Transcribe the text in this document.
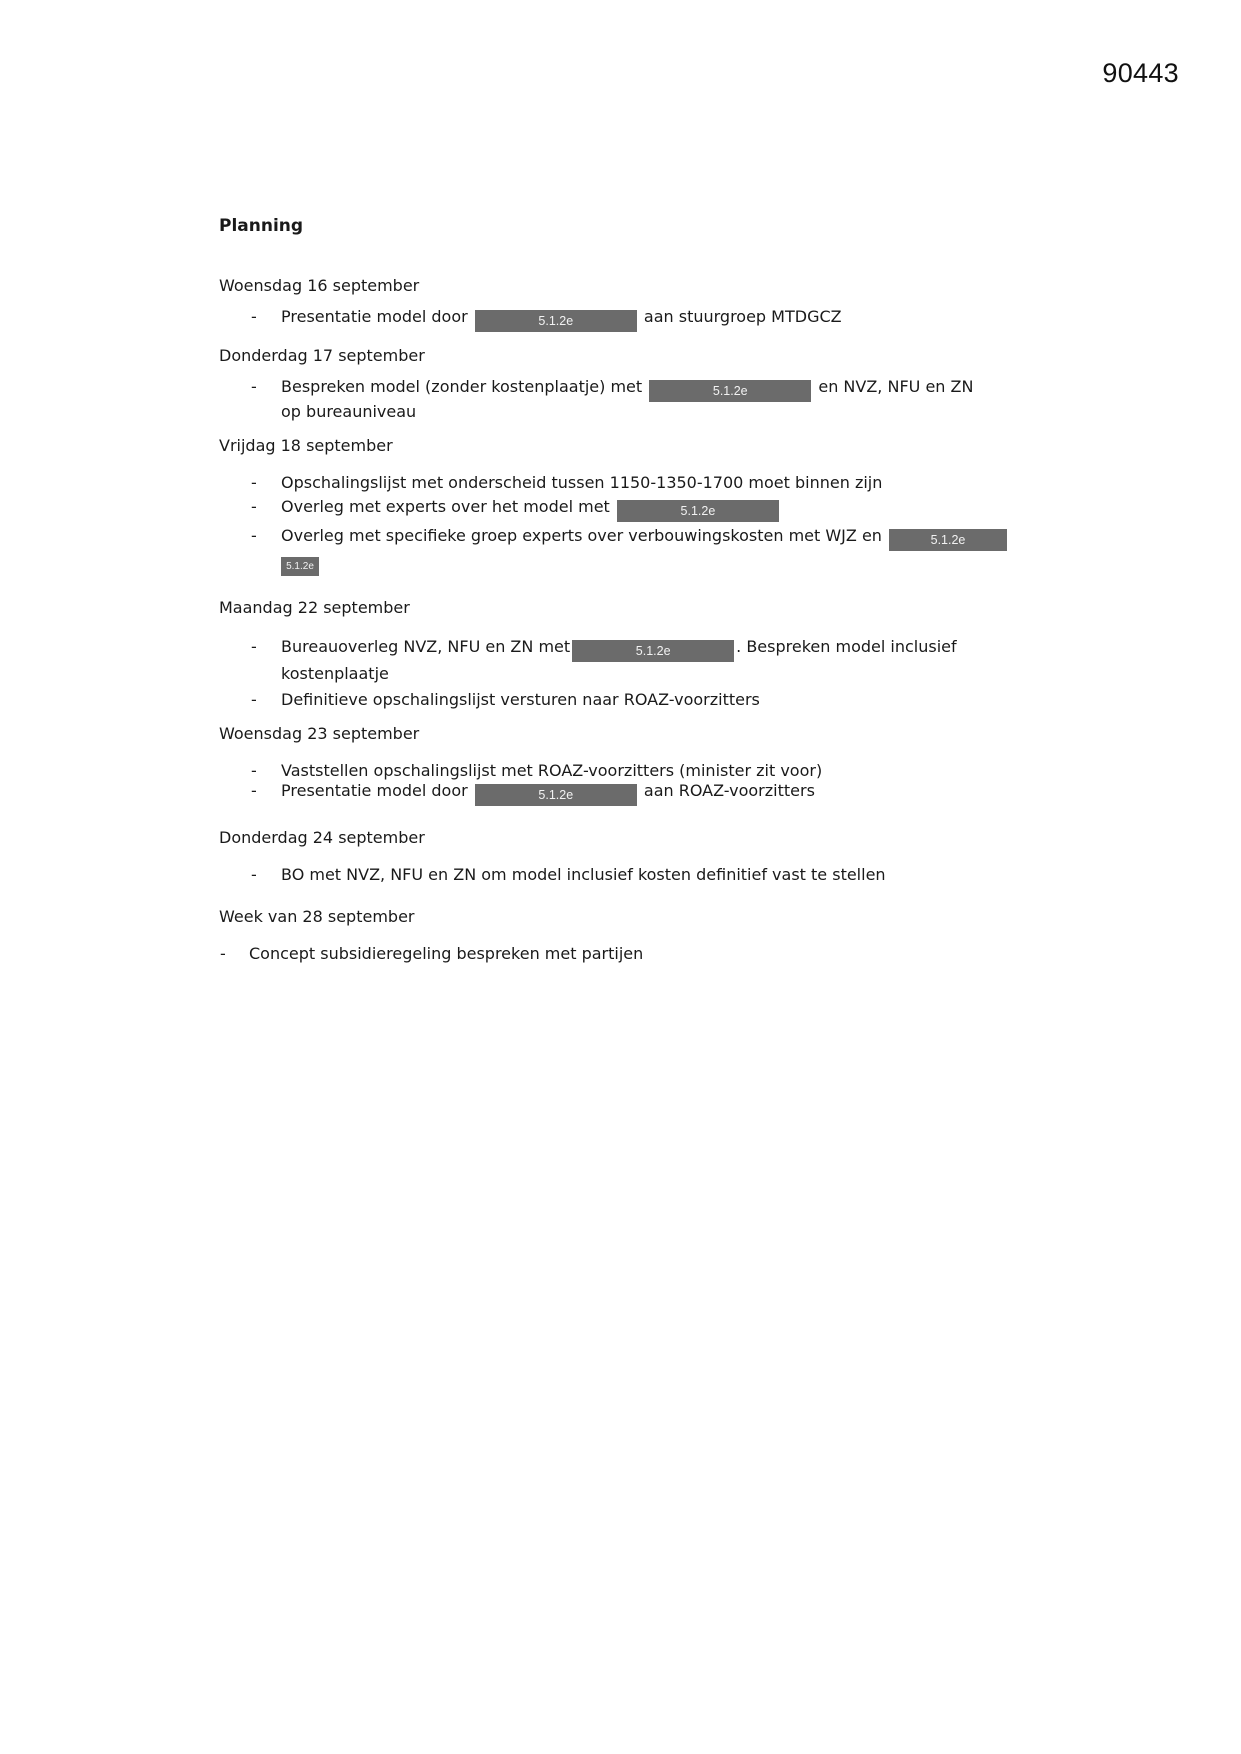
90443
Planning
Woensdag 16 september
- Presentatie model door	5.1.2e	aan stuurgroep MTDGCZ
Donderdag 17 september
- Bespreken model (zonder kostenplaatje) met	5.1.2e	en NVZ, NFU en ZN op bureauniveau
Vrijdag 18 september
- Opschalingslijst met onderscheid tussen 1150-1350-1700 moet binnen zijn
- Overleg met experts over het model met	5.1.2e
- Overleg met specifieke groep experts over verbouwingskosten met WJZ en	5.1.2e
5.1.2e
Maandag 22 september
- Bureauoverleg NVZ, NFU en ZN met	5.1.2e	. Bespreken model inclusief kostenplaatje
- Definitieve opschalingslijst versturen naar ROAZ-voorzitters
Woensdag 23 september
- Vaststellen opschalingslijst met ROAZ-voorzitters (minister zit voor)
- Presentatie model door	5.1.2e	aan ROAZ-voorzitters
Donderdag 24 september
- BO met NVZ, NFU en ZN om model inclusief kosten definitief vast te stellen
Week van 28 september
- Concept subsidieregeling bespreken met partijen
